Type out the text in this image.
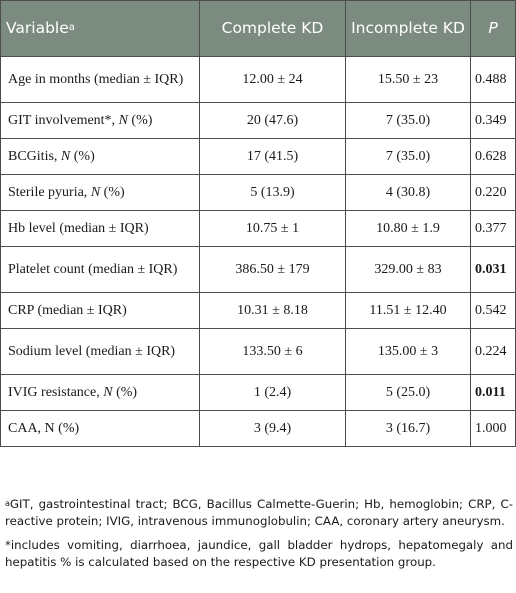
Variable$^a$	Complete KD	Incomplete KD	P
Age in months (median ± IQR)	12.00 ± 24	15.50 ± 23	0.488
GIT involvement*, N (%)	20 (47.6)	7 (35.0)	0.349
BCGitis, N (%)	17 (41.5)	7 (35.0)	0.628
Sterile pyuria, N (%)	5 (13.9)	4 (30.8)	0.220
Hb level (median ± IQR)	10.75 ± 1	10.80 ± 1.9	0.377
Platelet count (median ± IQR)	386.50 ± 179	329.00 ± 83	0.031
CRP (median ± IQR)	10.31 ± 8.18	11.51 ± 12.40	0.542
Sodium level (median ± IQR)	133.50 ± 6	135.00 ± 3	0.224
IVIG resistance, N (%)	1 (2.4)	5 (25.0)	0.011
CAA, N (%)	3 (9.4)	3 (16.7)	1.000

$^a$GIT, gastrointestinal tract; BCG, Bacillus Calmette-Guerin; Hb, hemoglobin; CRP, C-reactive protein; IVIG, intravenous immunoglobulin; CAA, coronary artery aneurysm.

*includes vomiting, diarrhoea, jaundice, gall bladder hydrops, hepatomegaly and hepatitis % is calculated based on the respective KD presentation group.
